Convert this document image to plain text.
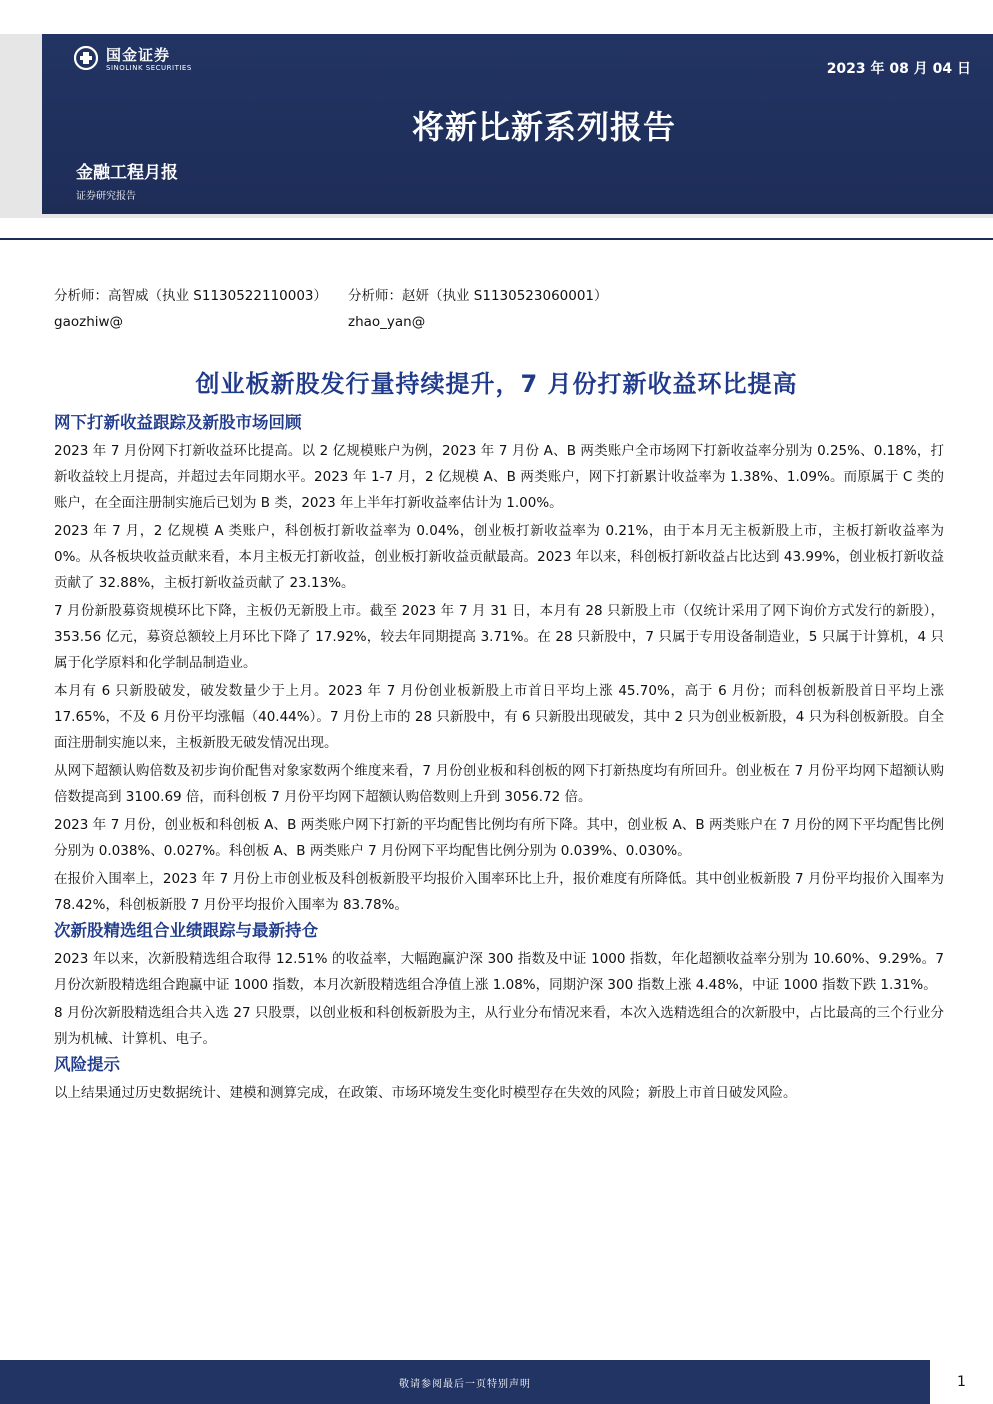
国金证券
SINOLINK SECURITIES	2023 年 08 月 04 日
将新比新系列报告
金融工程月报
证券研究报告
分析师：高智威（执业 S1130522110003） 分析师：赵妍（执业 S1130523060001）
gaozhiw@	zhao_yan@
创业板新股发行量持续提升，7 月份打新收益环比提高
网下打新收益跟踪及新股市场回顾

2023 年 7 月份网下打新收益环比提高。以 2 亿规模账户为例，2023 年 7 月份 A、B 两类账户全市场网下打新收益率分别为 0.25%、0.18%，打新收益较上月提高，并超过去年同期水平。2023 年 1-7 月，2 亿规模 A、B 两类账户，网下打新累计收益率为 1.38%、1.09%。而原属于 C 类的账户，在全面注册制实施后已划为 B 类，2023 年上半年打新收益率估计为 1.00%。

2023 年 7 月，2 亿规模 A 类账户，科创板打新收益率为 0.04%，创业板打新收益率为 0.21%，由于本月无主板新股上市，主板打新收益率为 0%。从各板块收益贡献来看，本月主板无打新收益，创业板打新收益贡献最高。2023 年以来，科创板打新收益占比达到 43.99%，创业板打新收益贡献了 32.88%，主板打新收益贡献了 23.13%。

7 月份新股募资规模环比下降，主板仍无新股上市。截至 2023 年 7 月 31 日，本月有 28 只新股上市（仅统计采用了网下询价方式发行的新股），353.56 亿元，募资总额较上月环比下降了 17.92%，较去年同期提高 3.71%。在 28 只新股中，7 只属于专用设备制造业，5 只属于计算机，4 只属于化学原料和化学制品制造业。

本月有 6 只新股破发，破发数量少于上月。2023 年 7 月份创业板新股上市首日平均上涨 45.70%，高于 6 月份；而科创板新股首日平均上涨 17.65%，不及 6 月份平均涨幅（40.44%）。7 月份上市的 28 只新股中，有 6 只新股出现破发，其中 2 只为创业板新股，4 只为科创板新股。自全面注册制实施以来，主板新股无破发情况出现。

从网下超额认购倍数及初步询价配售对象家数两个维度来看，7 月份创业板和科创板的网下打新热度均有所回升。创业板在 7 月份平均网下超额认购倍数提高到 3100.69 倍，而科创板 7 月份平均网下超额认购倍数则上升到 3056.72 倍。

2023 年 7 月份，创业板和科创板 A、B 两类账户网下打新的平均配售比例均有所下降。其中，创业板 A、B 两类账户在 7 月份的网下平均配售比例分别为 0.038%、0.027%。科创板 A、B 两类账户 7 月份网下平均配售比例分别为 0.039%、0.030%。

在报价入围率上，2023 年 7 月份上市创业板及科创板新股平均报价入围率环比上升，报价难度有所降低。其中创业板新股 7 月份平均报价入围率为 78.42%，科创板新股 7 月份平均报价入围率为 83.78%。

次新股精选组合业绩跟踪与最新持仓

2023 年以来，次新股精选组合取得 12.51% 的收益率，大幅跑赢沪深 300 指数及中证 1000 指数，年化超额收益率分别为 10.60%、9.29%。7 月份次新股精选组合跑赢中证 1000 指数，本月次新股精选组合净值上涨 1.08%，同期沪深 300 指数上涨 4.48%，中证 1000 指数下跌 1.31%。

8 月份次新股精选组合共入选 27 只股票，以创业板和科创板新股为主，从行业分布情况来看，本次入选精选组合的次新股中，占比最高的三个行业分别为机械、计算机、电子。

风险提示

以上结果通过历史数据统计、建模和测算完成，在政策、市场环境发生变化时模型存在失效的风险；新股上市首日破发风险。

敬请参阅最后一页特别声明	1
